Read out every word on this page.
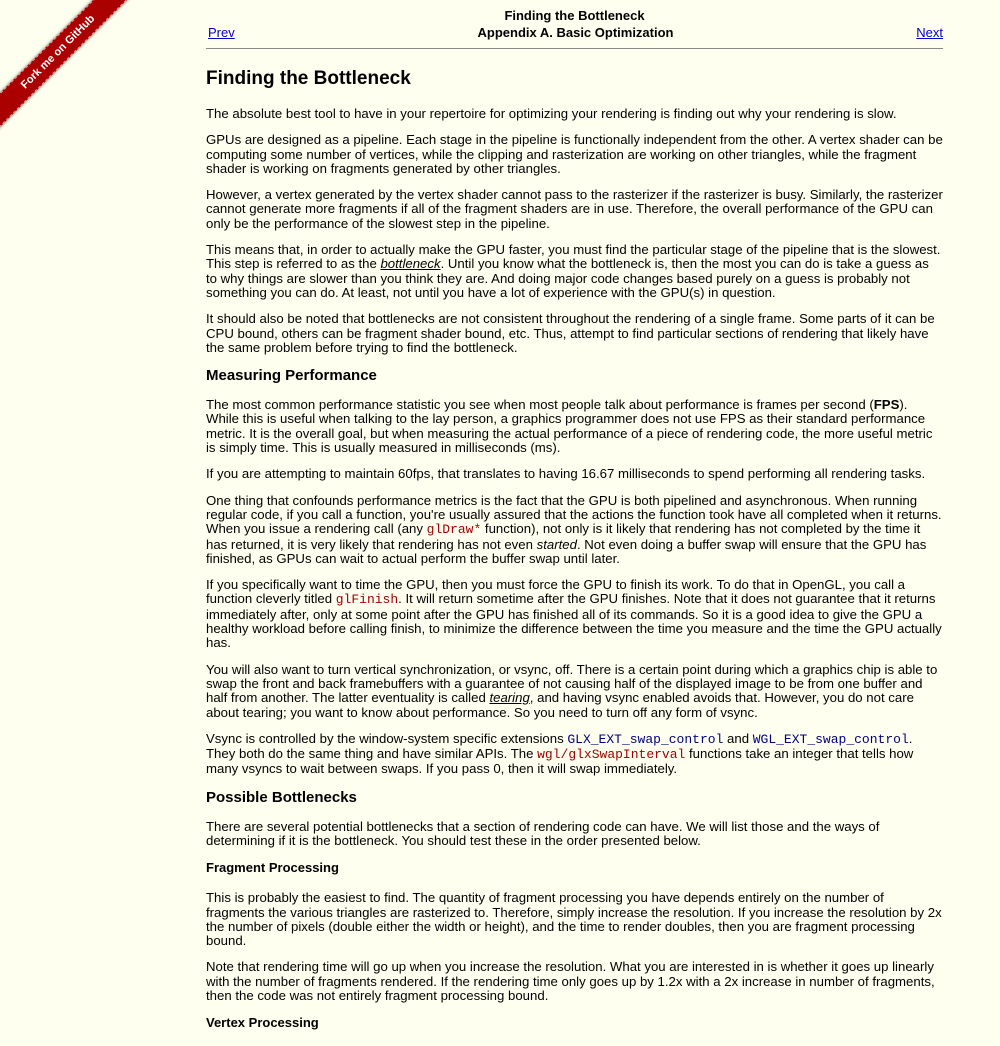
Fork me on GitHub	Finding the Bottleneck
Prev	Appendix A. Basic Optimization	Next
Finding the Bottleneck

The absolute best tool to have in your repertoire for optimizing your rendering is finding out why your rendering is slow.

GPUs are designed as a pipeline. Each stage in the pipeline is functionally independent from the other. A vertex shader can be computing some number of vertices, while the clipping and rasterization are working on other triangles, while the fragment shader is working on fragments generated by other triangles.

However, a vertex generated by the vertex shader cannot pass to the rasterizer if the rasterizer is busy. Similarly, the rasterizer cannot generate more fragments if all of the fragment shaders are in use. Therefore, the overall performance of the GPU can only be the performance of the slowest step in the pipeline.

This means that, in order to actually make the GPU faster, you must find the particular stage of the pipeline that is the slowest. This step is referred to as the bottleneck. Until you know what the bottleneck is, then the most you can do is take a guess as to why things are slower than you think they are. And doing major code changes based purely on a guess is probably not something you can do. At least, not until you have a lot of experience with the GPU(s) in question.

It should also be noted that bottlenecks are not consistent throughout the rendering of a single frame. Some parts of it can be CPU bound, others can be fragment shader bound, etc. Thus, attempt to find particular sections of rendering that likely have the same problem before trying to find the bottleneck.

Measuring Performance

The most common performance statistic you see when most people talk about performance is frames per second (FPS). While this is useful when talking to the lay person, a graphics programmer does not use FPS as their standard performance metric. It is the overall goal, but when measuring the actual performance of a piece of rendering code, the more useful metric is simply time. This is usually measured in milliseconds (ms).

If you are attempting to maintain 60fps, that translates to having 16.67 milliseconds to spend performing all rendering tasks.

One thing that confounds performance metrics is the fact that the GPU is both pipelined and asynchronous. When running regular code, if you call a function, you're usually assured that the actions the function took have all completed when it returns. When you issue a rendering call (any glDraw* function), not only is it likely that rendering has not completed by the time it has returned, it is very likely that rendering has not even started. Not even doing a buffer swap will ensure that the GPU has finished, as GPUs can wait to actual perform the buffer swap until later.

If you specifically want to time the GPU, then you must force the GPU to finish its work. To do that in OpenGL, you call a function cleverly titled glFinish. It will return sometime after the GPU finishes. Note that it does not guarantee that it returns immediately after, only at some point after the GPU has finished all of its commands. So it is a good idea to give the GPU a healthy workload before calling finish, to minimize the difference between the time you measure and the time the GPU actually has.

You will also want to turn vertical synchronization, or vsync, off. There is a certain point during which a graphics chip is able to swap the front and back framebuffers with a guarantee of not causing half of the displayed image to be from one buffer and half from another. The latter eventuality is called tearing, and having vsync enabled avoids that. However, you do not care about tearing; you want to know about performance. So you need to turn off any form of vsync.

Vsync is controlled by the window-system specific extensions GLX_EXT_swap_control and WGL_EXT_swap_control. They both do the same thing and have similar APIs. The wgl/glxSwapInterval functions take an integer that tells how many vsyncs to wait between swaps. If you pass 0, then it will swap immediately.

Possible Bottlenecks

There are several potential bottlenecks that a section of rendering code can have. We will list those and the ways of determining if it is the bottleneck. You should test these in the order presented below.

Fragment Processing

This is probably the easiest to find. The quantity of fragment processing you have depends entirely on the number of fragments the various triangles are rasterized to. Therefore, simply increase the resolution. If you increase the resolution by 2x the number of pixels (double either the width or height), and the time to render doubles, then you are fragment processing bound.

Note that rendering time will go up when you increase the resolution. What you are interested in is whether it goes up linearly with the number of fragments rendered. If the rendering time only goes up by 1.2x with a 2x increase in number of fragments, then the code was not entirely fragment processing bound.

Vertex Processing
